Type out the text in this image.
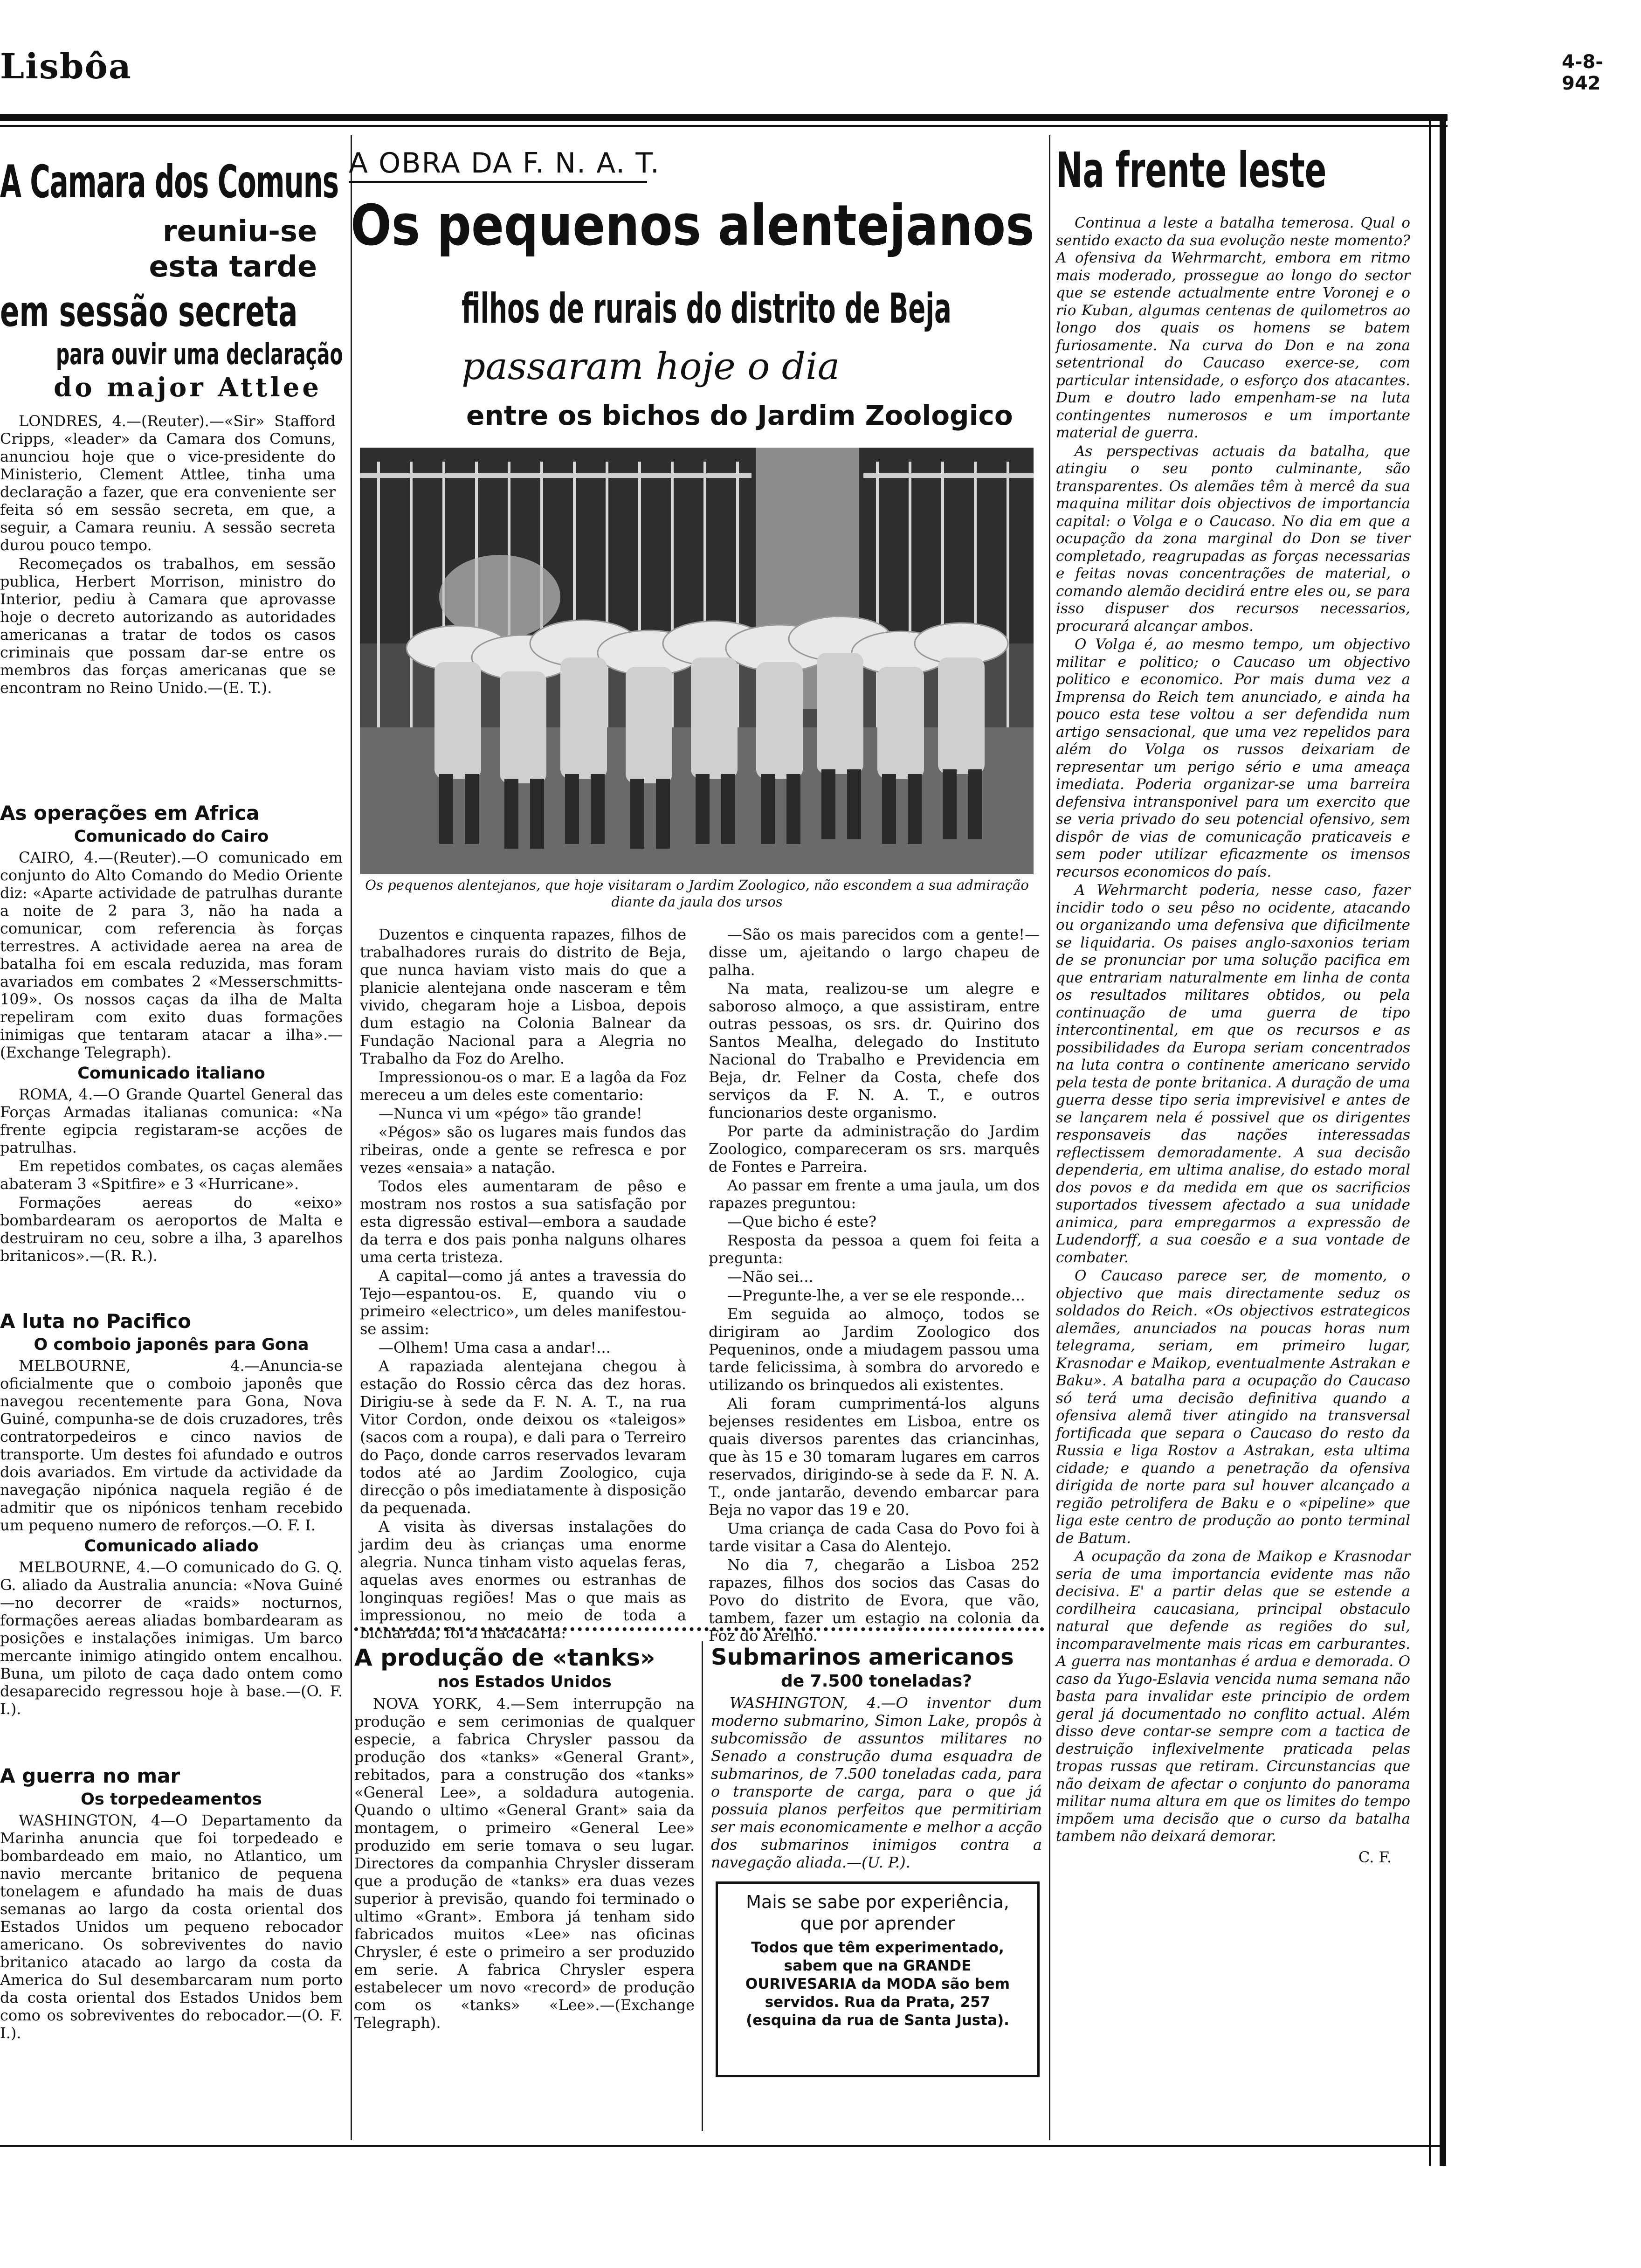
Lisbôa	4-8-942
A Camara dos Comuns
reuniu-se
esta tarde
em sessão secreta
para ouvir uma declaração
do major Attlee

LONDRES, 4.—(Reuter).—«Sir» Stafford Cripps, «leader» da Camara dos Comuns, anunciou hoje que o vice-presidente do Ministerio, Clement Attlee, tinha uma declaração a fazer, que era conveniente ser feita só em sessão secreta, em que, a seguir, a Camara reuniu. A sessão secreta durou pouco tempo.

Recomeçados os trabalhos, em sessão publica, Herbert Morrison, ministro do Interior, pediu à Camara que aprovasse hoje o decreto autorizando as autoridades americanas a tratar de todos os casos criminais que possam dar-se entre os membros das forças americanas que se encontram no Reino Unido.—(E. T.).

As operações em Africa
Comunicado do Cairo

CAIRO, 4.—(Reuter).—O comunicado em conjunto do Alto Comando do Medio Oriente diz: «Aparte actividade de patrulhas durante a noite de 2 para 3, não ha nada a comunicar, com referencia às forças terrestres. A actividade aerea na area de batalha foi em escala reduzida, mas foram avariados em combates 2 «Messerschmitts-109». Os nossos caças da ilha de Malta repeliram com exito duas formações inimigas que tentaram atacar a ilha».—(Exchange Telegraph).

Comunicado italiano

ROMA, 4.—O Grande Quartel General das Forças Armadas italianas comunica: «Na frente egipcia registaram-se acções de patrulhas.

Em repetidos combates, os caças alemães abateram 3 «Spitfire» e 3 «Hurricane».

Formações aereas do «eixo» bombardearam os aeroportos de Malta e destruiram no ceu, sobre a ilha, 3 aparelhos britanicos».—(R. R.).

A luta no Pacifico
O comboio japonês para Gona

MELBOURNE, 4.—Anuncia-se oficialmente que o comboio japonês que navegou recentemente para Gona, Nova Guiné, compunha-se de dois cruzadores, três contratorpedeiros e cinco navios de transporte. Um destes foi afundado e outros dois avariados. Em virtude da actividade da navegação nipónica naquela região é de admitir que os nipónicos tenham recebido um pequeno numero de reforços.—O. F. I.

Comunicado aliado

MELBOURNE, 4.—O comunicado do G. Q. G. aliado da Australia anuncia: «Nova Guiné—no decorrer de «raids» nocturnos, formações aereas aliadas bombardearam as posições e instalações inimigas. Um barco mercante inimigo atingido ontem encalhou. Buna, um piloto de caça dado ontem como desaparecido regressou hoje à base.—(O. F. I.).

A guerra no mar
Os torpedeamentos

WASHINGTON, 4—O Departamento da Marinha anuncia que foi torpedeado e bombardeado em maio, no Atlantico, um navio mercante britanico de pequena tonelagem e afundado ha mais de duas semanas ao largo da costa oriental dos Estados Unidos um pequeno rebocador americano. Os sobreviventes do navio britanico atacado ao largo da costa da America do Sul desembarcaram num porto da costa oriental dos Estados Unidos bem como os sobreviventes do rebocador.—(O. F. I.).

A OBRA DA F. N. A. T.
Os pequenos alentejanos
filhos de rurais do distrito de Beja
passaram hoje o dia
entre os bichos do Jardim Zoologico
Os pequenos alentejanos, que hoje visitaram o Jardim Zoologico, não escondem a sua admiração diante da jaula dos ursos

Duzentos e cinquenta rapazes, filhos de trabalhadores rurais do distrito de Beja, que nunca haviam visto mais do que a planicie alentejana onde nasceram e têm vivido, chegaram hoje a Lisboa, depois dum estagio na Colonia Balnear da Fundação Nacional para a Alegria no Trabalho da Foz do Arelho.

Impressionou-os o mar. E a lagôa da Foz mereceu a um deles este comentario:

—Nunca vi um «pégo» tão grande!

«Pégos» são os lugares mais fundos das ribeiras, onde a gente se refresca e por vezes «ensaia» a natação.

Todos eles aumentaram de pêso e mostram nos rostos a sua satisfação por esta digressão estival—embora a saudade da terra e dos pais ponha nalguns olhares uma certa tristeza.

A capital—como já antes a travessia do Tejo—espantou-os. E, quando viu o primeiro «electrico», um deles manifestou-se assim:

—Olhem! Uma casa a andar!...

A rapaziada alentejana chegou à estação do Rossio cêrca das dez horas. Dirigiu-se à sede da F. N. A. T., na rua Vitor Cordon, onde deixou os «taleigos» (sacos com a roupa), e dali para o Terreiro do Paço, donde carros reservados levaram todos até ao Jardim Zoologico, cuja direcção o pôs imediatamente à disposição da pequenada.

A visita às diversas instalações do jardim deu às crianças uma enorme alegria. Nunca tinham visto aquelas feras, aquelas aves enormes ou estranhas de longinquas regiões! Mas o que mais as impressionou, no meio de toda a bicharada, foi a macacaria:

—São os mais parecidos com a gente!—disse um, ajeitando o largo chapeu de palha.

Na mata, realizou-se um alegre e saboroso almoço, a que assistiram, entre outras pessoas, os srs. dr. Quirino dos Santos Mealha, delegado do Instituto Nacional do Trabalho e Previdencia em Beja, dr. Felner da Costa, chefe dos serviços da F. N. A. T., e outros funcionarios deste organismo.

Por parte da administração do Jardim Zoologico, compareceram os srs. marquês de Fontes e Parreira.

Ao passar em frente a uma jaula, um dos rapazes preguntou:

—Que bicho é este?

Resposta da pessoa a quem foi feita a pregunta:

—Não sei...

—Pregunte-lhe, a ver se ele responde...

Em seguida ao almoço, todos se dirigiram ao Jardim Zoologico dos Pequeninos, onde a miudagem passou uma tarde felicissima, à sombra do arvoredo e utilizando os brinquedos ali existentes.

Ali foram cumprimentá-los alguns bejenses residentes em Lisboa, entre os quais diversos parentes das criancinhas, que às 15 e 30 tomaram lugares em carros reservados, dirigindo-se à sede da F. N. A. T., onde jantarão, devendo embarcar para Beja no vapor das 19 e 20.

Uma criança de cada Casa do Povo foi à tarde visitar a Casa do Alentejo.

No dia 7, chegarão a Lisboa 252 rapazes, filhos dos socios das Casas do Povo do distrito de Evora, que vão, tambem, fazer um estagio na colonia da Foz do Arelho.

A produção de «tanks»
nos Estados Unidos

NOVA YORK, 4.—Sem interrupção na produção e sem cerimonias de qualquer especie, a fabrica Chrysler passou da produção dos «tanks» «General Grant», rebitados, para a construção dos «tanks» «General Lee», a soldadura autogenia. Quando o ultimo «General Grant» saia da montagem, o primeiro «General Lee» produzido em serie tomava o seu lugar. Directores da companhia Chrysler disseram que a produção de «tanks» era duas vezes superior à previsão, quando foi terminado o ultimo «Grant». Embora já tenham sido fabricados muitos «Lee» nas oficinas Chrysler, é este o primeiro a ser produzido em serie. A fabrica Chrysler espera estabelecer um novo «record» de produção com os «tanks» «Lee».—(Exchange Telegraph).

Submarinos americanos
de 7.500 toneladas?

WASHINGTON, 4.—O inventor dum moderno submarino, Simon Lake, propôs à subcomissão de assuntos militares no Senado a construção duma esquadra de submarinos, de 7.500 toneladas cada, para o transporte de carga, para o que já possuia planos perfeitos que permitiriam ser mais economicamente e melhor a acção dos submarinos inimigos contra a navegação aliada.—(U. P.).

Mais se sabe por experiência, que por aprender
Todos que têm experimentado, sabem que na GRANDE OURIVESARIA da MODA são bem servidos. Rua da Prata, 257 (esquina da rua de Santa Justa).
Na frente leste

Continua a leste a batalha temerosa. Qual o sentido exacto da sua evolução neste momento? A ofensiva da Wehrmarcht, embora em ritmo mais moderado, prossegue ao longo do sector que se estende actualmente entre Voronej e o rio Kuban, algumas centenas de quilometros ao longo dos quais os homens se batem furiosamente. Na curva do Don e na zona setentrional do Caucaso exerce-se, com particular intensidade, o esforço dos atacantes. Dum e doutro lado empenham-se na luta contingentes numerosos e um importante material de guerra.

As perspectivas actuais da batalha, que atingiu o seu ponto culminante, são transparentes. Os alemães têm à mercê da sua maquina militar dois objectivos de importancia capital: o Volga e o Caucaso. No dia em que a ocupação da zona marginal do Don se tiver completado, reagrupadas as forças necessarias e feitas novas concentrações de material, o comando alemão decidirá entre eles ou, se para isso dispuser dos recursos necessarios, procurará alcançar ambos.

O Volga é, ao mesmo tempo, um objectivo militar e politico; o Caucaso um objectivo politico e economico. Por mais duma vez a Imprensa do Reich tem anunciado, e ainda ha pouco esta tese voltou a ser defendida num artigo sensacional, que uma vez repelidos para além do Volga os russos deixariam de representar um perigo sério e uma ameaça imediata. Poderia organizar-se uma barreira defensiva intransponivel para um exercito que se veria privado do seu potencial ofensivo, sem dispôr de vias de comunicação praticaveis e sem poder utilizar eficazmente os imensos recursos economicos do país.

A Wehrmarcht poderia, nesse caso, fazer incidir todo o seu pêso no ocidente, atacando ou organizando uma defensiva que dificilmente se liquidaria. Os paises anglo-saxonios teriam de se pronunciar por uma solução pacifica em que entrariam naturalmente em linha de conta os resultados militares obtidos, ou pela continuação de uma guerra de tipo intercontinental, em que os recursos e as possibilidades da Europa seriam concentrados na luta contra o continente americano servido pela testa de ponte britanica. A duração de uma guerra desse tipo seria imprevisivel e antes de se lançarem nela é possivel que os dirigentes responsaveis das nações interessadas reflectissem demoradamente. A sua decisão dependeria, em ultima analise, do estado moral dos povos e da medida em que os sacrificios suportados tivessem afectado a sua unidade animica, para empregarmos a expressão de Ludendorff, a sua coesão e a sua vontade de combater.

O Caucaso parece ser, de momento, o objectivo que mais directamente seduz os soldados do Reich. «Os objectivos estrategicos alemães, anunciados na poucas horas num telegrama, seriam, em primeiro lugar, Krasnodar e Maikop, eventualmente Astrakan e Baku». A batalha para a ocupação do Caucaso só terá uma decisão definitiva quando a ofensiva alemã tiver atingido na transversal fortificada que separa o Caucaso do resto da Russia e liga Rostov a Astrakan, esta ultima cidade; e quando a penetração da ofensiva dirigida de norte para sul houver alcançado a região petrolifera de Baku e o «pipeline» que liga este centro de produção ao ponto terminal de Batum.

A ocupação da zona de Maikop e Krasnodar seria de uma importancia evidente mas não decisiva. E' a partir delas que se estende a cordilheira caucasiana, principal obstaculo natural que defende as regiões do sul, incomparavelmente mais ricas em carburantes. A guerra nas montanhas é ardua e demorada. O caso da Yugo-Eslavia vencida numa semana não basta para invalidar este principio de ordem geral já documentado no conflito actual. Além disso deve contar-se sempre com a tactica de destruição inflexivelmente praticada pelas tropas russas que retiram. Circunstancias que não deixam de afectar o conjunto do panorama militar numa altura em que os limites do tempo impõem uma decisão que o curso da batalha tambem não deixará demorar.

C. F.
